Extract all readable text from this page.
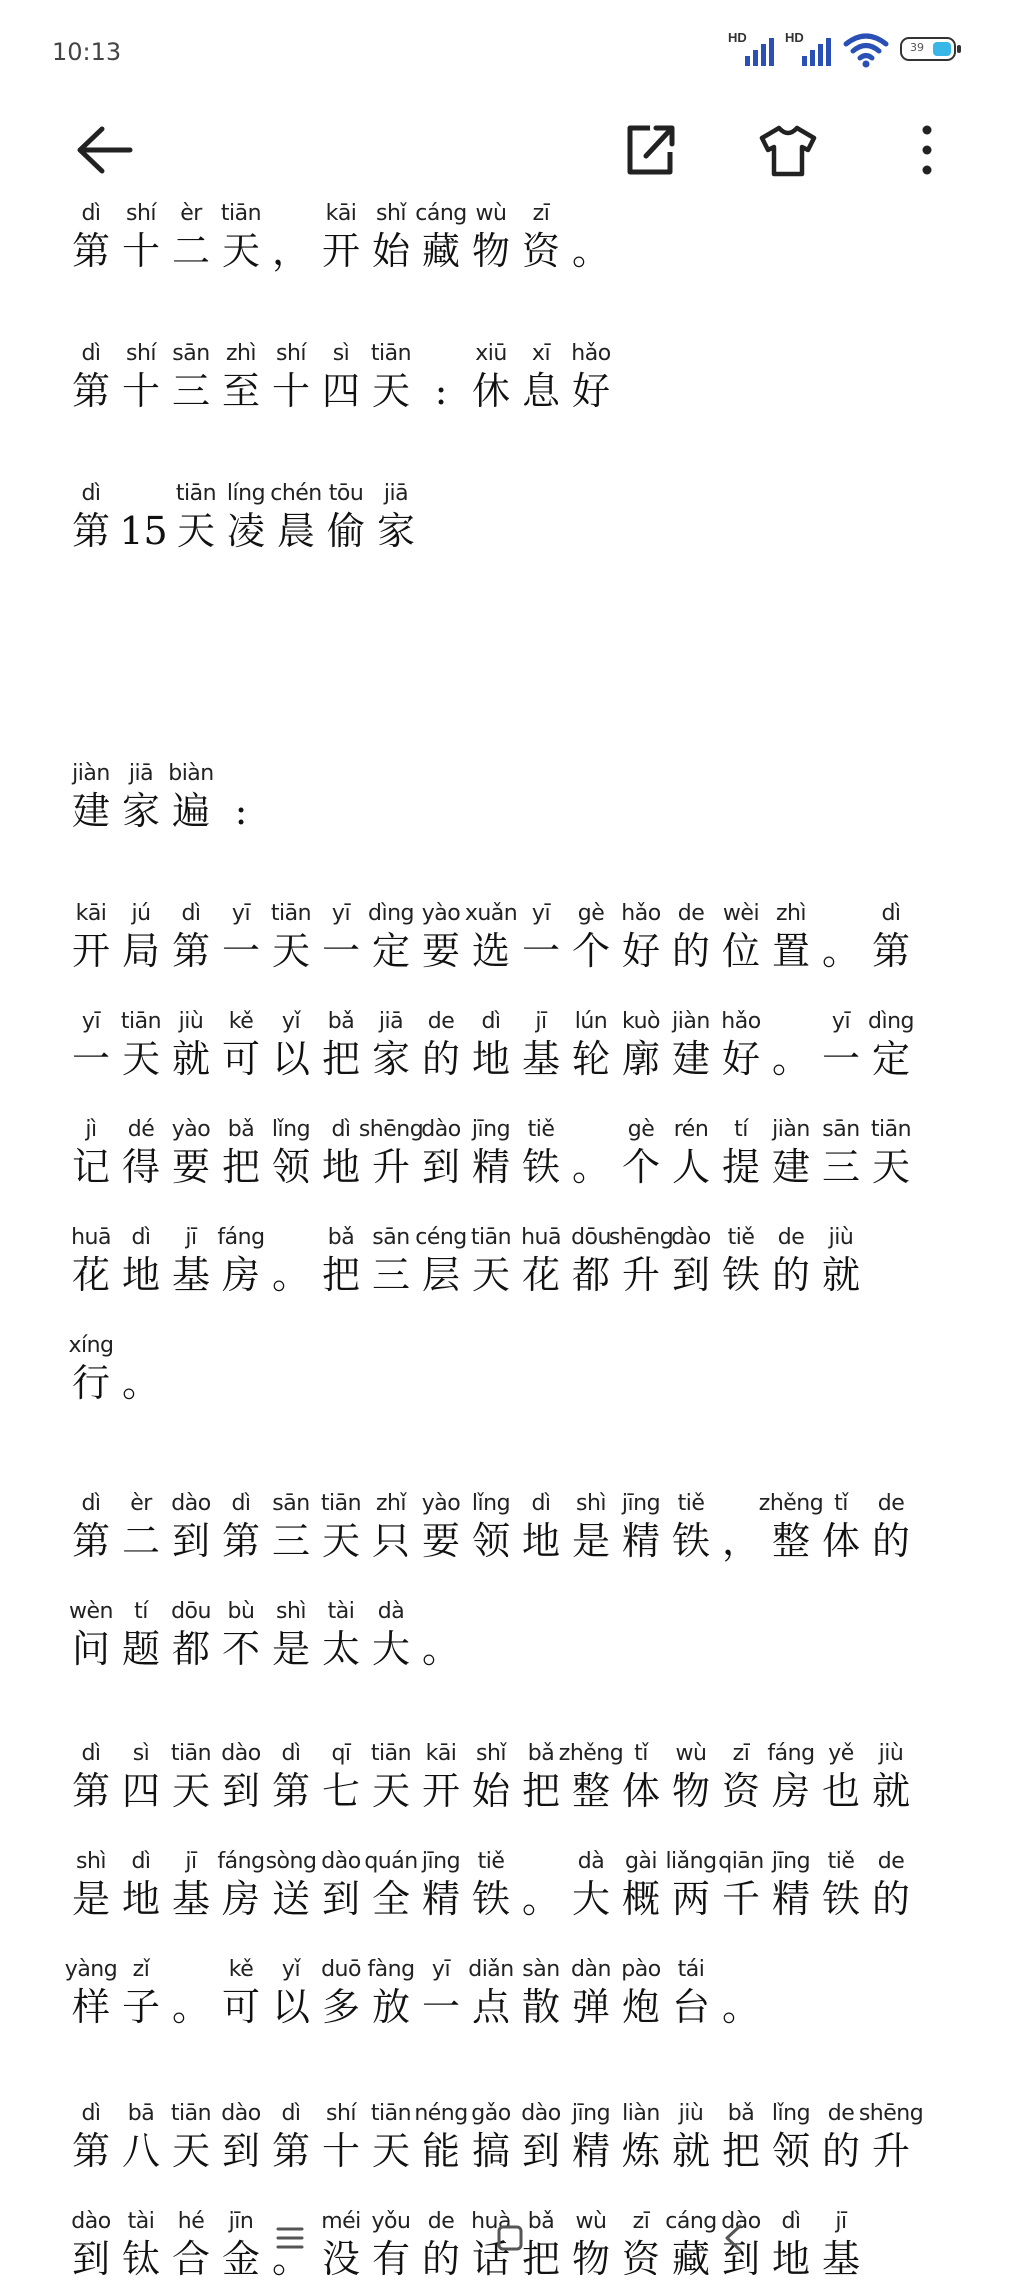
10:13
HD	HD
39
dì
第
shí
十
èr
二
tiān
天 ，
kāi
开
shǐ
始
cáng
藏
wù
物
zī
资 。
dì
第
shí
十
sān
三
zhì
至
shí
十
sì
四
tiān
天 :
xiū
休
xī
息
hǎo
好
dì
第 15
tiān
天
líng
凌
chén
晨
tōu
偷
jiā
家
jiàn
建
jiā
家
biàn
遍 :
kāi
开
jú
局
dì
第
yī
一
tiān
天
yī
一
dìng
定
yào
要
xuǎn
选
yī
一
gè
个
hǎo
好
de
的
wèi
位
zhì
置 。
dì
第
yī
一
tiān
天
jiù
就
kě
可
yǐ
以
bǎ
把
jiā
家
de
的
dì
地
jī
基
lún
轮
kuò
廓
jiàn
建
hǎo
好 。
yī
一
dìng
定
jì
记
dé
得
yào
要
bǎ
把
lǐng
领
dì
地
shēng
升
dào
到
jīng
精
tiě
铁 。
gè
个
rén
人
tí
提
jiàn
建
sān
三
tiān
天
huā
花
dì
地
jī
基
fáng
房 。
bǎ
把
sān
三
céng
层
tiān
天
huā
花
dōu
都
shēng
升
dào
到
tiě
铁
de
的
jiù
就
xíng
行 。
dì
第
èr
二
dào
到
dì
第
sān
三
tiān
天
zhǐ
只
yào
要
lǐng
领
dì
地
shì
是
jīng
精
tiě
铁 ，
zhěng
整
tǐ
体
de
的
wèn
问
tí
题
dōu
都
bù
不
shì
是
tài
太
dà
大 。
dì
第
sì
四
tiān
天
dào
到
dì
第
qī
七
tiān
天
kāi
开
shǐ
始
bǎ
把
zhěng
整
tǐ
体
wù
物
zī
资
fáng
房
yě
也
jiù
就
shì
是
dì
地
jī
基
fáng
房
sòng
送
dào
到
quán
全
jīng
精
tiě
铁 。
dà
大
gài
概
liǎng
两
qiān
千
jīng
精
tiě
铁
de
的
yàng
样
zǐ
子 。
kě
可
yǐ
以
duō
多
fàng
放
yī
一
diǎn
点
sàn
散
dàn
弹
pào
炮
tái
台 。
dì
第
bā
八
tiān
天
dào
到
dì
第
shí
十
tiān
天
néng
能
gǎo
搞
dào
到
jīng
精
liàn
炼
jiù
就
bǎ
把
lǐng
领
de
的
shēng
升
dào
到
tài
钛
hé
合
jīn
金 。
méi
没
yǒu
有
de
的
huà
话
bǎ
把
wù
物
zī
资
cáng
藏
dào
到
dì
地
jī
基
